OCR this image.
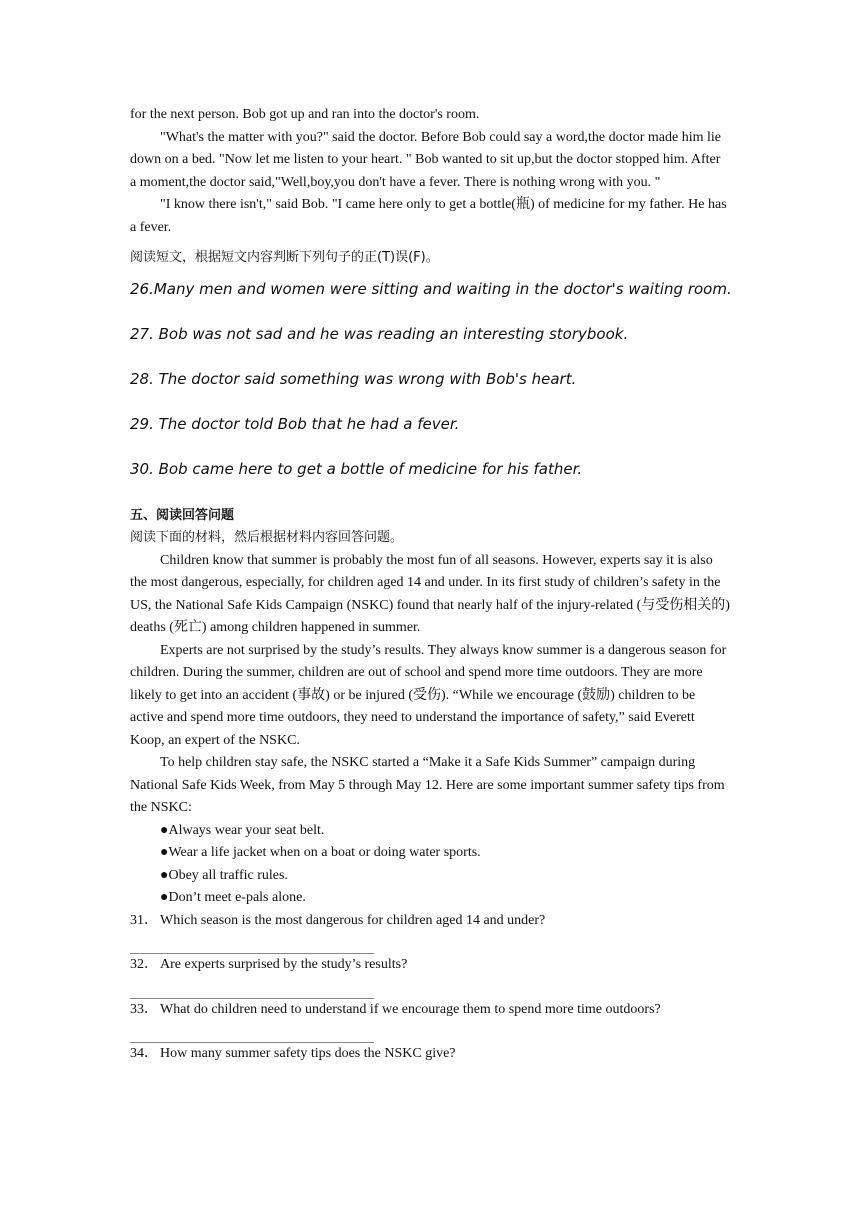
for the next person. Bob got up and ran into the doctor's room.

"What's the matter with you?" said the doctor. Before Bob could say a word,the doctor made him lie down on a bed. "Now let me listen to your heart. " Bob wanted to sit up,but the doctor stopped him. After a moment,the doctor said,"Well,boy,you don't have a fever. There is nothing wrong with you. "

"I know there isn't," said Bob. "I came here only to get a bottle(瓶) of medicine for my father. He has a fever.

阅读短文，根据短文内容判断下列句子的正(T)误(F)。

26.Many men and women were sitting and waiting in the doctor's waiting room.
27. Bob was not sad and he was reading an interesting storybook.
28. The doctor said something was wrong with Bob's heart.
29. The doctor told Bob that he had a fever.
30. Bob came here to get a bottle of medicine for his father.

五、阅读回答问题

阅读下面的材料，然后根据材料内容回答问题。

Children know that summer is probably the most fun of all seasons. However, experts say it is also the most dangerous, especially, for children aged 14 and under. In its first study of children’s safety in the US, the National Safe Kids Campaign (NSKC) found that nearly half of the injury-related (与受伤相关的) deaths (死亡) among children happened in summer.

Experts are not surprised by the study’s results. They always know summer is a dangerous season for children. During the summer, children are out of school and spend more time outdoors. They are more likely to get into an accident (事故) or be injured (受伤). “While we encourage (鼓励) children to be active and spend more time outdoors, they need to understand the importance of safety,” said Everett Koop, an expert of the NSKC.

To help children stay safe, the NSKC started a “Make it a Safe Kids Summer” campaign during National Safe Kids Week, from May 5 through May 12. Here are some important summer safety tips from the NSKC:

●Always wear your seat belt.

●Wear a life jacket when on a boat or doing water sports.

●Obey all traffic rules.

●Don’t meet e-pals alone.

31． Which season is the most dangerous for children aged 14 and under?

32． Are experts surprised by the study’s results?

33． What do children need to understand if we encourage them to spend more time outdoors?

34． How many summer safety tips does the NSKC give?
